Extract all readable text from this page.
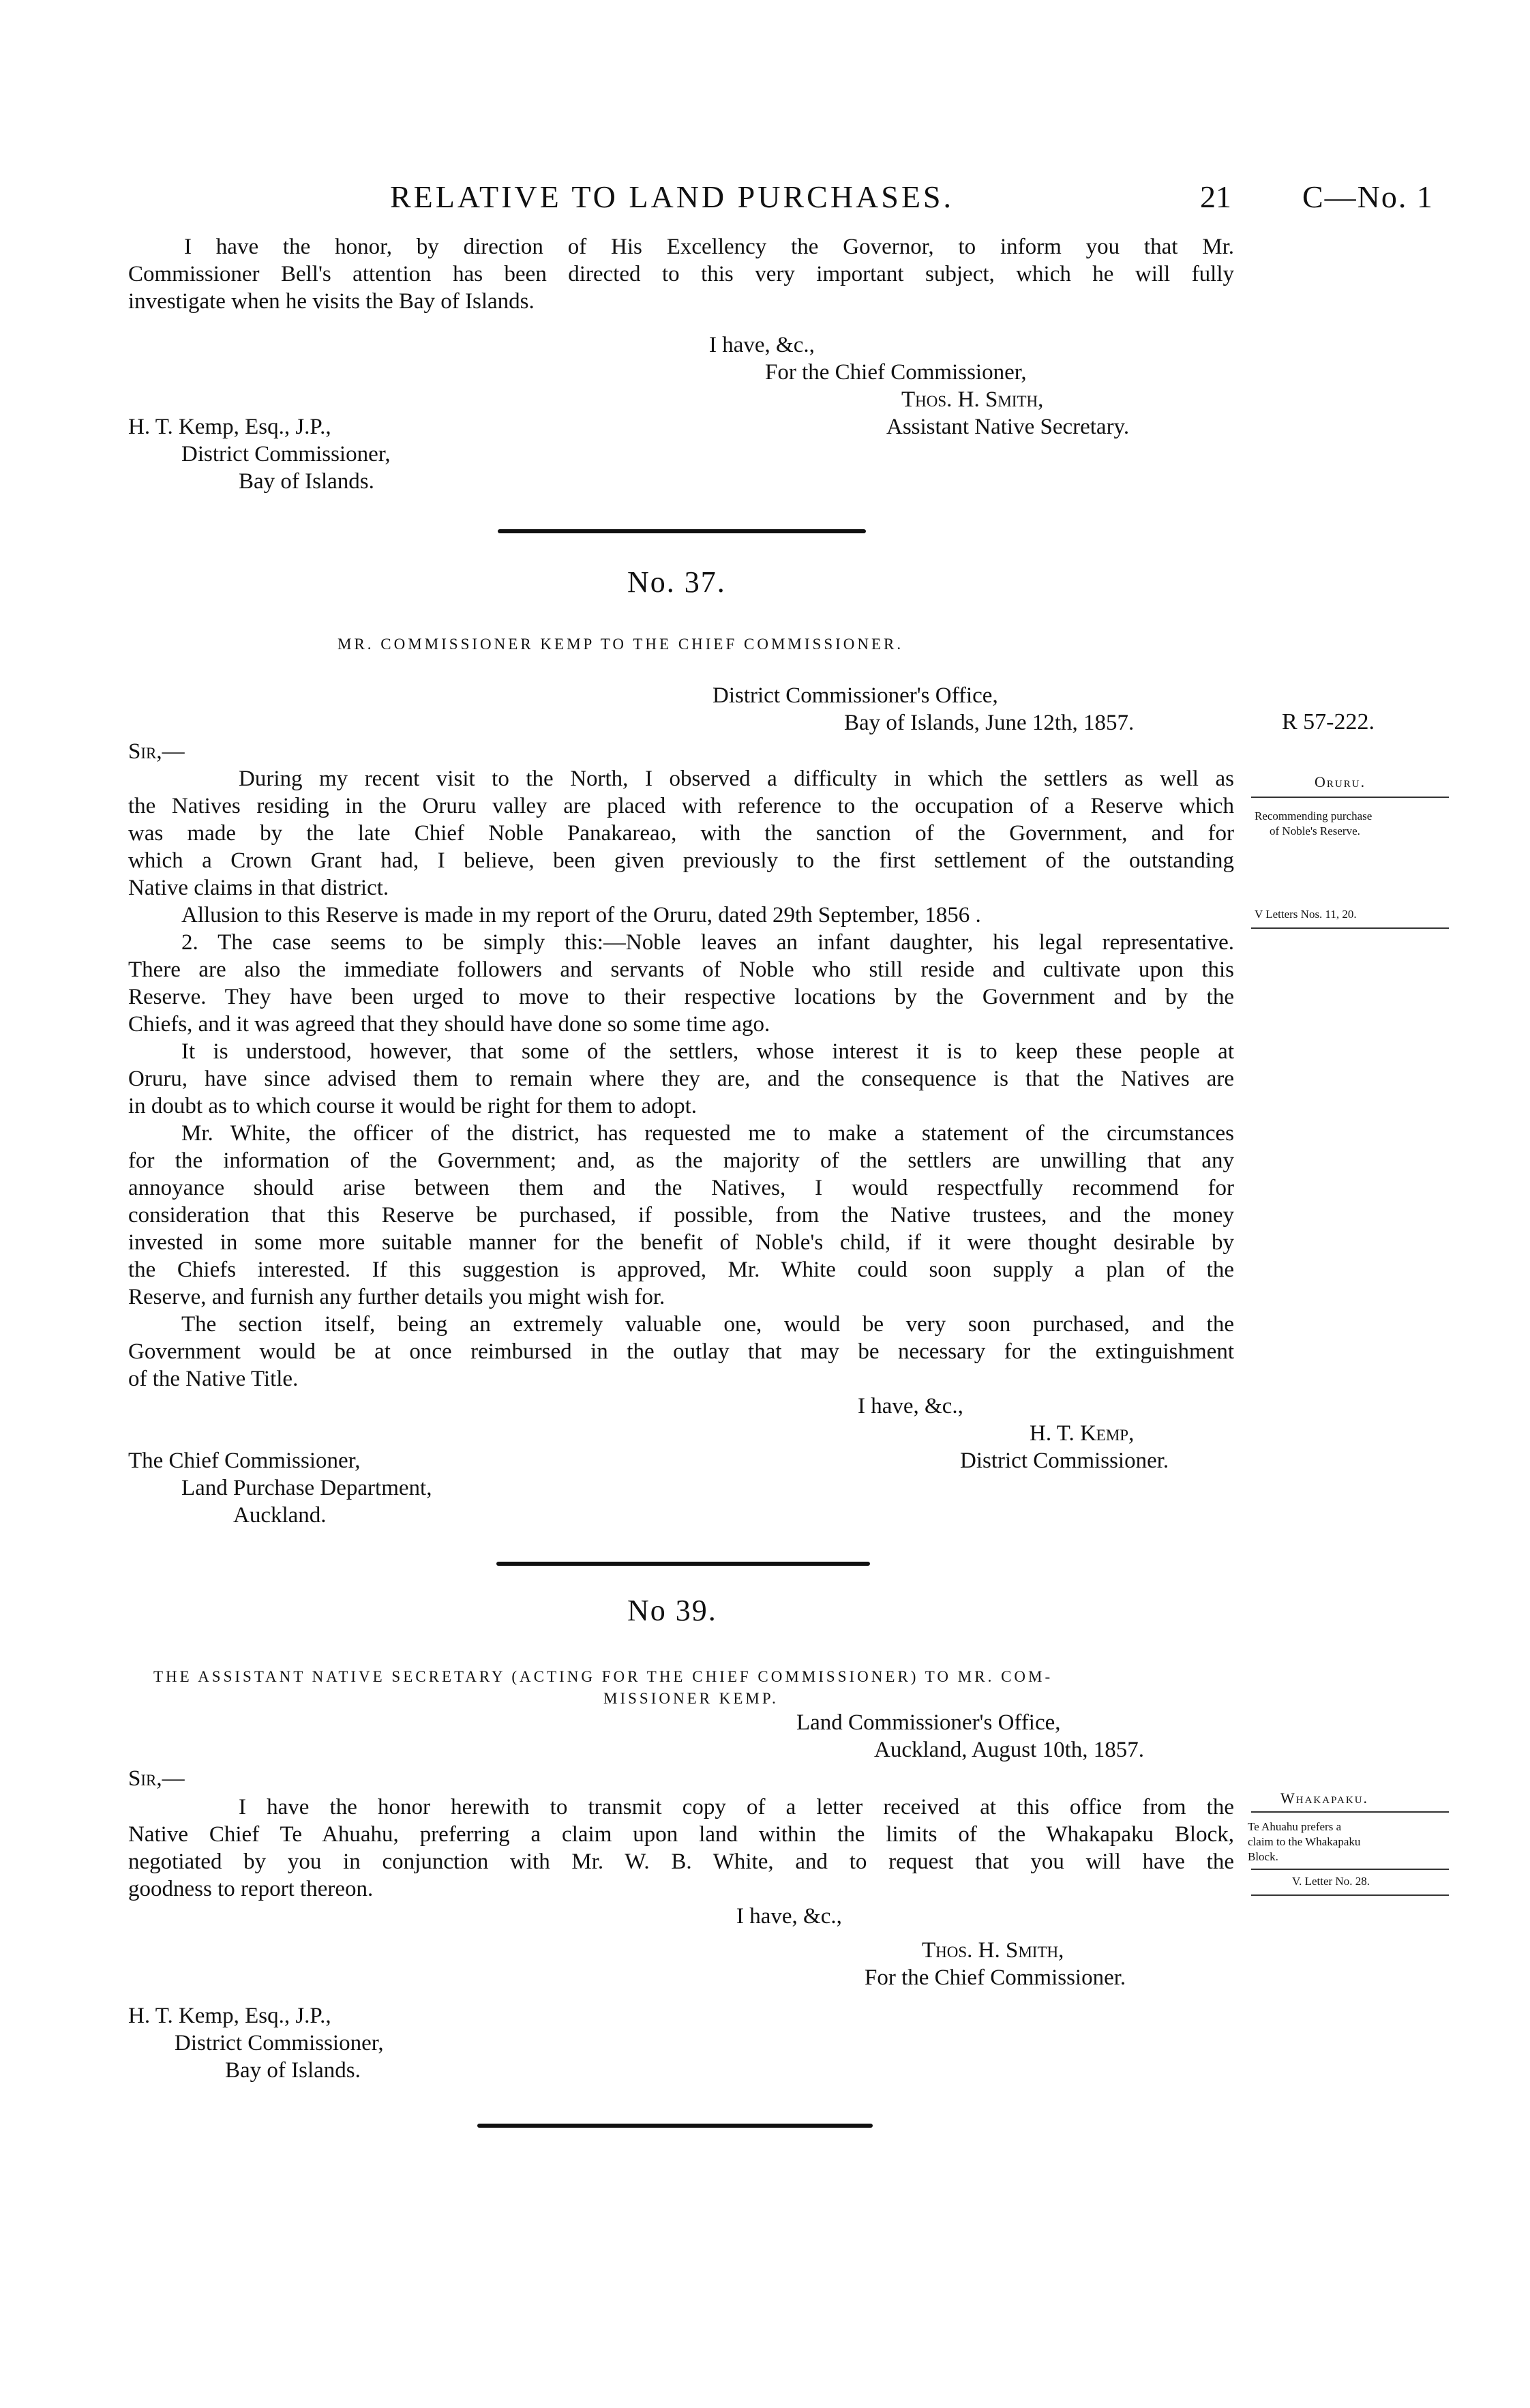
RELATIVE TO LAND PURCHASES.	21 C—No. 1

I have the honor, by direction of His Excellency the Governor, to inform you that Mr.

Commissioner Bell's attention has been directed to this very important subject, which he will fully

investigate when he visits the Bay of Islands.

I have, &c.,
For the Chief Commissioner,
Thos. H. Smith,
Assistant Native Secretary.
H. T. Kemp, Esq., J.P.,
District Commissioner,
Bay of Islands.
No. 37.
MR. COMMISSIONER KEMP TO THE CHIEF COMMISSIONER.
District Commissioner's Office,
Bay of Islands, June 12th, 1857.	R 57-222.
Sir,—

During my recent visit to the North, I observed a difficulty in which the settlers as well as

the Natives residing in the Oruru valley are placed with reference to the occupation of a Reserve which

was made by the late Chief Noble Panakareao, with the sanction of the Government, and for

which a Crown Grant had, I believe, been given previously to the first settlement of the outstanding

Native claims in that district.

Allusion to this Reserve is made in my report of the Oruru, dated 29th September, 1856 .

2. The case seems to be simply this:—Noble leaves an infant daughter, his legal representative.

There are also the immediate followers and servants of Noble who still reside and cultivate upon this

Reserve. They have been urged to move to their respective locations by the Government and by the

Chiefs, and it was agreed that they should have done so some time ago.

It is understood, however, that some of the settlers, whose interest it is to keep these people at

Oruru, have since advised them to remain where they are, and the consequence is that the Natives are

in doubt as to which course it would be right for them to adopt.

Mr. White, the officer of the district, has requested me to make a statement of the circumstances

for the information of the Government; and, as the majority of the settlers are unwilling that any

annoyance should arise between them and the Natives, I would respectfully recommend for

consideration that this Reserve be purchased, if possible, from the Native trustees, and the money

invested in some more suitable manner for the benefit of Noble's child, if it were thought desirable by

the Chiefs interested. If this suggestion is approved, Mr. White could soon supply a plan of the

Reserve, and furnish any further details you might wish for.

The section itself, being an extremely valuable one, would be very soon purchased, and the

Government would be at once reimbursed in the outlay that may be necessary for the extinguishment

of the Native Title.

Oruru.
Recommending purchase
of Noble's Reserve.
V Letters Nos. 11, 20.
I have, &c.,
H. T. Kemp,
District Commissioner.
The Chief Commissioner,
Land Purchase Department,
Auckland.
No 39.
THE ASSISTANT NATIVE SECRETARY (ACTING FOR THE CHIEF COMMISSIONER) TO MR. COM-
MISSIONER KEMP.
Land Commissioner's Office,
Auckland, August 10th, 1857.
Sir,—

I have the honor herewith to transmit copy of a letter received at this office from the

Native Chief Te Ahuahu, preferring a claim upon land within the limits of the Whakapaku Block,

negotiated by you in conjunction with Mr. W. B. White, and to request that you will have the

goodness to report thereon.

Whakapaku.
Te Ahuahu prefers a
claim to the Whakapaku
Block.
V. Letter No. 28.
I have, &c.,
Thos. H. Smith,
For the Chief Commissioner.
H. T. Kemp, Esq., J.P.,
District Commissioner,
Bay of Islands.
